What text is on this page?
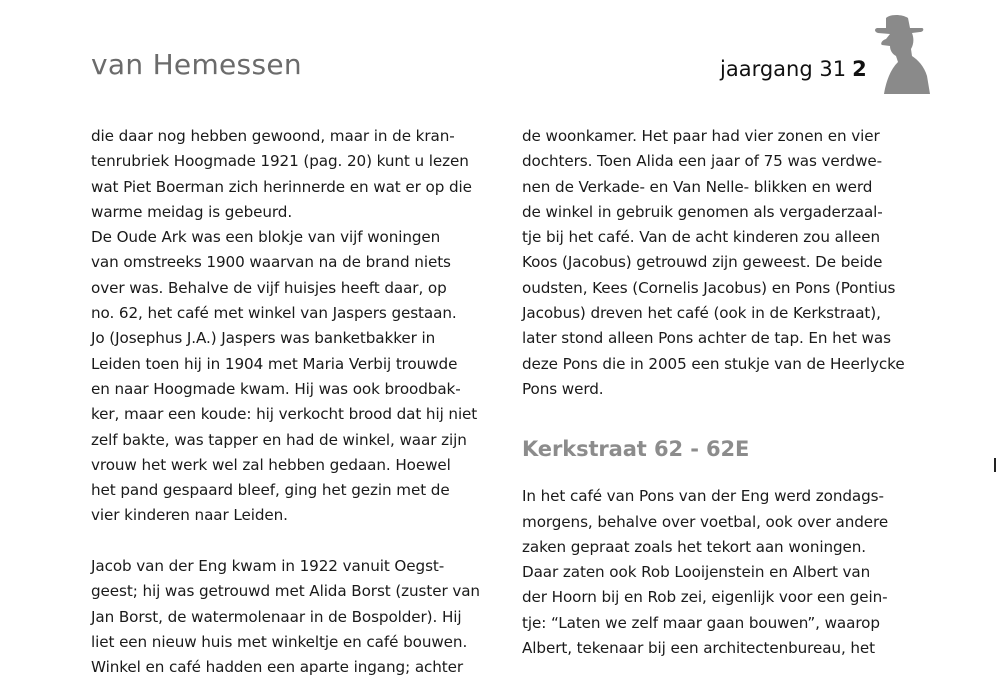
van Hemessen	jaargang 31 2
die daar nog hebben gewoond, maar in de kran-
tenrubriek Hoogmade 1921 (pag. 20) kunt u lezen
wat Piet Boerman zich herinnerde en wat er op die
warme meidag is gebeurd.
De Oude Ark was een blokje van vijf woningen
van omstreeks 1900 waarvan na de brand niets
over was. Behalve de vijf huisjes heeft daar, op
no. 62, het café met winkel van Jaspers gestaan.
Jo (Josephus J.A.) Jaspers was banketbakker in
Leiden toen hij in 1904 met Maria Verbij trouwde
en naar Hoogmade kwam. Hij was ook broodbak-
ker, maar een koude: hij verkocht brood dat hij niet
zelf bakte, was tapper en had de winkel, waar zijn
vrouw het werk wel zal hebben gedaan. Hoewel
het pand gespaard bleef, ging het gezin met de
vier kinderen naar Leiden.
Jacob van der Eng kwam in 1922 vanuit Oegst-
geest; hij was getrouwd met Alida Borst (zuster van
Jan Borst, de watermolenaar in de Bospolder). Hij
liet een nieuw huis met winkeltje en café bouwen.
Winkel en café hadden een aparte ingang; achter
de woonkamer. Het paar had vier zonen en vier
dochters. Toen Alida een jaar of 75 was verdwe-
nen de Verkade- en Van Nelle- blikken en werd
de winkel in gebruik genomen als vergaderzaal-
tje bij het café. Van de acht kinderen zou alleen
Koos (Jacobus) getrouwd zijn geweest. De beide
oudsten, Kees (Cornelis Jacobus) en Pons (Pontius
Jacobus) dreven het café (ook in de Kerkstraat),
later stond alleen Pons achter de tap. En het was
deze Pons die in 2005 een stukje van de Heerlycke
Pons werd.
Kerkstraat 62 - 62E
In het café van Pons van der Eng werd zondags-
morgens, behalve over voetbal, ook over andere
zaken gepraat zoals het tekort aan woningen.
Daar zaten ook Rob Looijenstein en Albert van
der Hoorn bij en Rob zei, eigenlijk voor een gein-
tje: “Laten we zelf maar gaan bouwen”, waarop
Albert, tekenaar bij een architectenbureau, het
